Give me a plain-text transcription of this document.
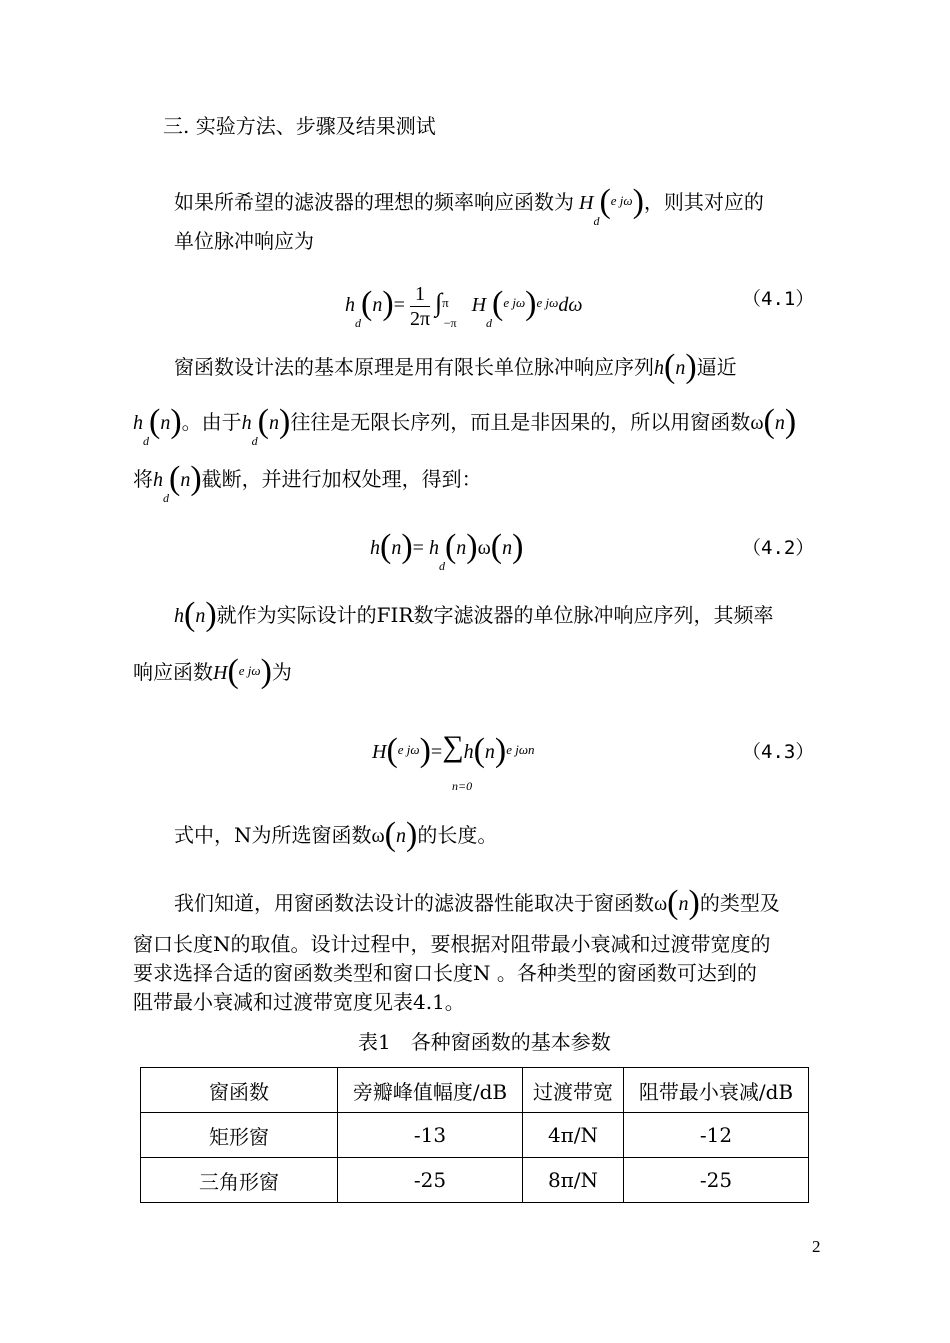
三. 实验方法、步骤及结果测试
如果所希望的滤波器的理想的频率响应函数为 $H_d(^{e j\omega})$，则其对应的
单位脉冲响应为
$h_d(n)= \frac{1}{2\pi} \int^\pi$ $_{-\pi}$ $H_d(^{e j\omega})^{e j\omega}d\omega$	（4.1）
窗函数设计法的基本原理是用有限长单位脉冲响应序列h(n)逼近
$h_d(n)$。由于$h_d(n)$往往是无限长序列，而且是非因果的，所以用窗函数ω(n)
将$h_d(n)$截断，并进行加权处理，得到：
$h(n)= h_d(n)\omega(n)$	（4.2）
h(n)就作为实际设计的FIR数字滤波器的单位脉冲响应序列，其频率
响应函数H($^{e j\omega}$)为
$H(^{e j\omega})=\sum h(n)^{e j\omega n}$
n=0
（4.3）
式中，N为所选窗函数ω(n)的长度。
我们知道，用窗函数法设计的滤波器性能取决于窗函数ω(n)的类型及
窗口长度N的取值。设计过程中，要根据对阻带最小衰减和过渡带宽度的
要求选择合适的窗函数类型和窗口长度N 。各种类型的窗函数可达到的
阻带最小衰减和过渡带宽度见表4.1。
表1　各种窗函数的基本参数
窗函数	旁瓣峰值幅度/dB	过渡带宽	阻带最小衰减/dB
矩形窗	-13	4π/N	-12
三角形窗	-25	8π/N	-25
2
